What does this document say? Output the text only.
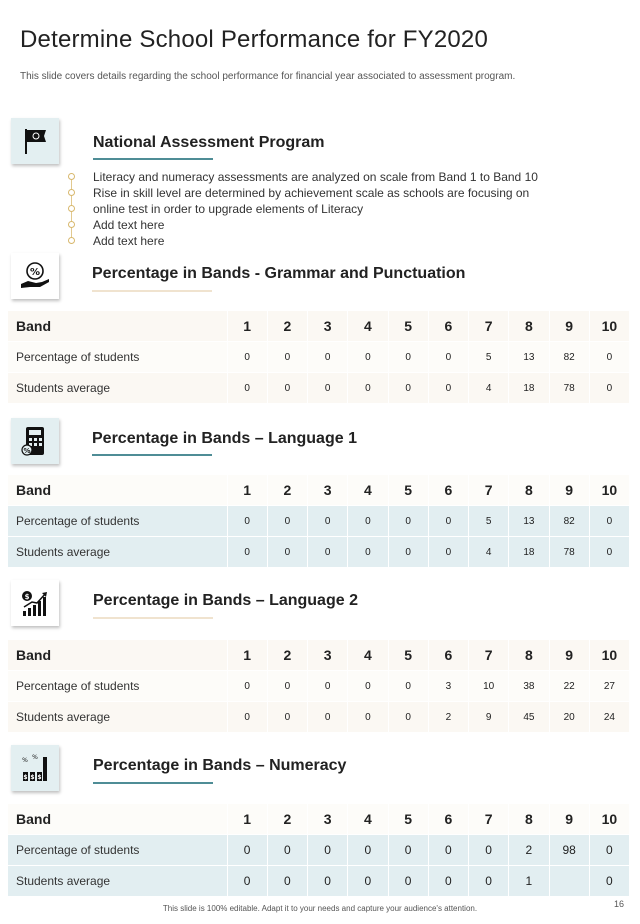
Determine School Performance for FY2020
This slide covers details regarding the school performance for financial year associated to assessment program.
National Assessment Program
Literacy and numeracy assessments are analyzed on scale from Band 1 to Band 10
Rise in skill level are determined by achievement scale as schools are focusing on
online test in order to upgrade elements of Literacy
Add text here
Add text here
%	Percentage in Bands - Grammar and Punctuation
Band	1	2	3	4	5	6	7	8	9	10
Percentage of students	0	0	0	0	0	0	5	13	82	0
Students average	0	0	0	0	0	0	4	18	78	0
%
Percentage in Bands – Language 1
Band	1	2	3	4	5	6	7	8	9	10
Percentage of students	0	0	0	0	0	0	5	13	82	0
Students average	0	0	0	0	0	0	4	18	78	0
$	Percentage in Bands – Language 2
Band	1	2	3	4	5	6	7	8	9	10
Percentage of students	0	0	0	0	0	3	10	38	22	27
Students average	0	0	0	0	0	2	9	45	20	24
% %
$ $ $
Percentage in Bands – Numeracy
Band	1	2	3	4	5	6	7	8	9	10
Percentage of students	0	0	0	0	0	0	0	2	98	0
Students average	0	0	0	0	0	0	0	1		0
This slide is 100% editable. Adapt it to your needs and capture your audience's attention.	16
